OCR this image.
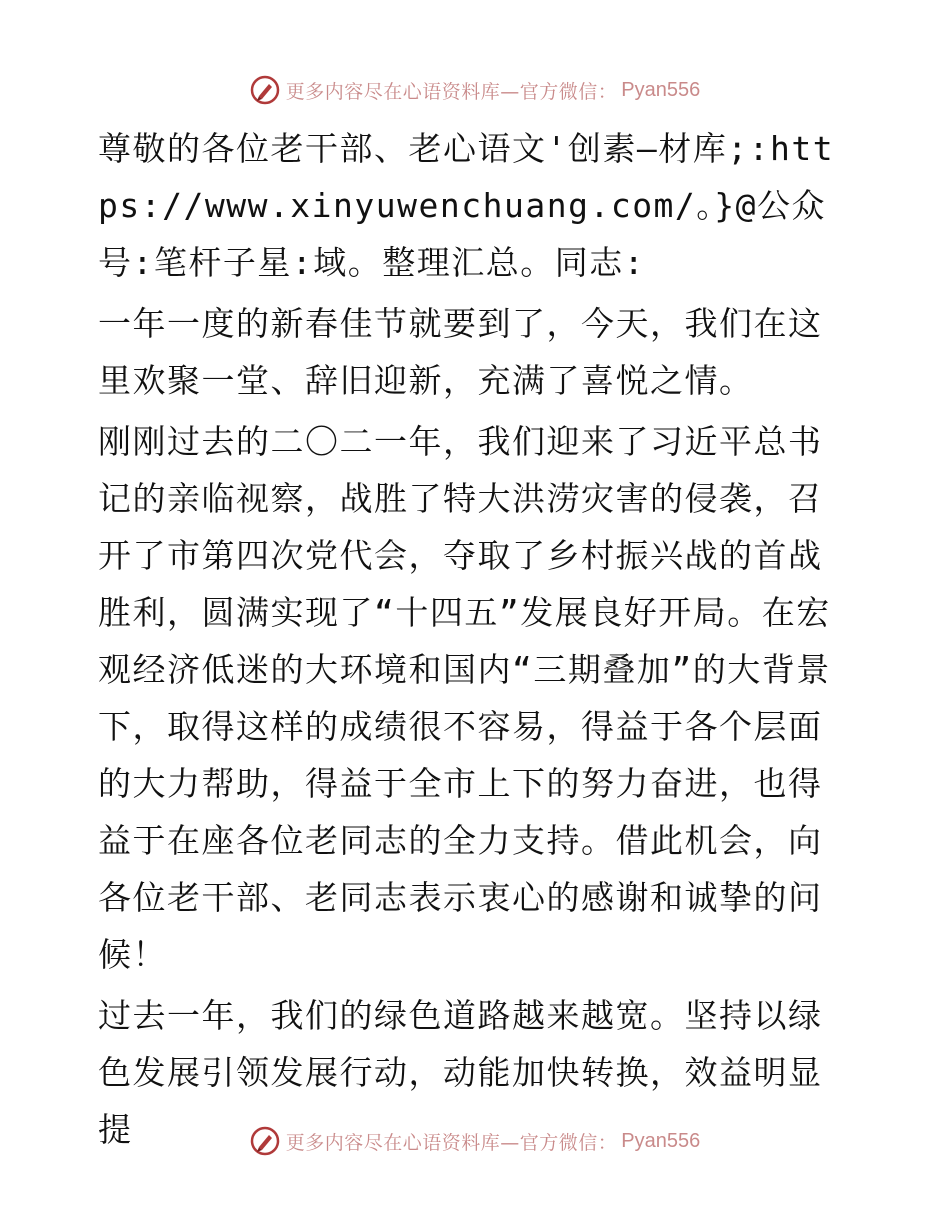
更多内容尽在心语资料库—官方微信： Pyan556

尊敬的各位老干部、老心语文'创素—材库;:https://www.xinyuwenchuang.com/。}@公众号:笔杆子星:域。整理汇总。同志:

一年一度的新春佳节就要到了，今天，我们在这里欢聚一堂、辞旧迎新，充满了喜悦之情。

刚刚过去的二〇二一年，我们迎来了习近平总书记的亲临视察，战胜了特大洪涝灾害的侵袭，召开了市第四次党代会，夺取了乡村振兴战的首战胜利，圆满实现了“十四五”发展良好开局。在宏观经济低迷的大环境和国内“三期叠加”的大背景下，取得这样的成绩很不容易，得益于各个层面的大力帮助，得益于全市上下的努力奋进，也得益于在座各位老同志的全力支持。借此机会，向各位老干部、老同志表示衷心的感谢和诚挚的问候！

过去一年，我们的绿色道路越来越宽。坚持以绿色发展引领发展行动，动能加快转换，效益明显提	更多内容尽在心语资料库—官方微信： Pyan556
